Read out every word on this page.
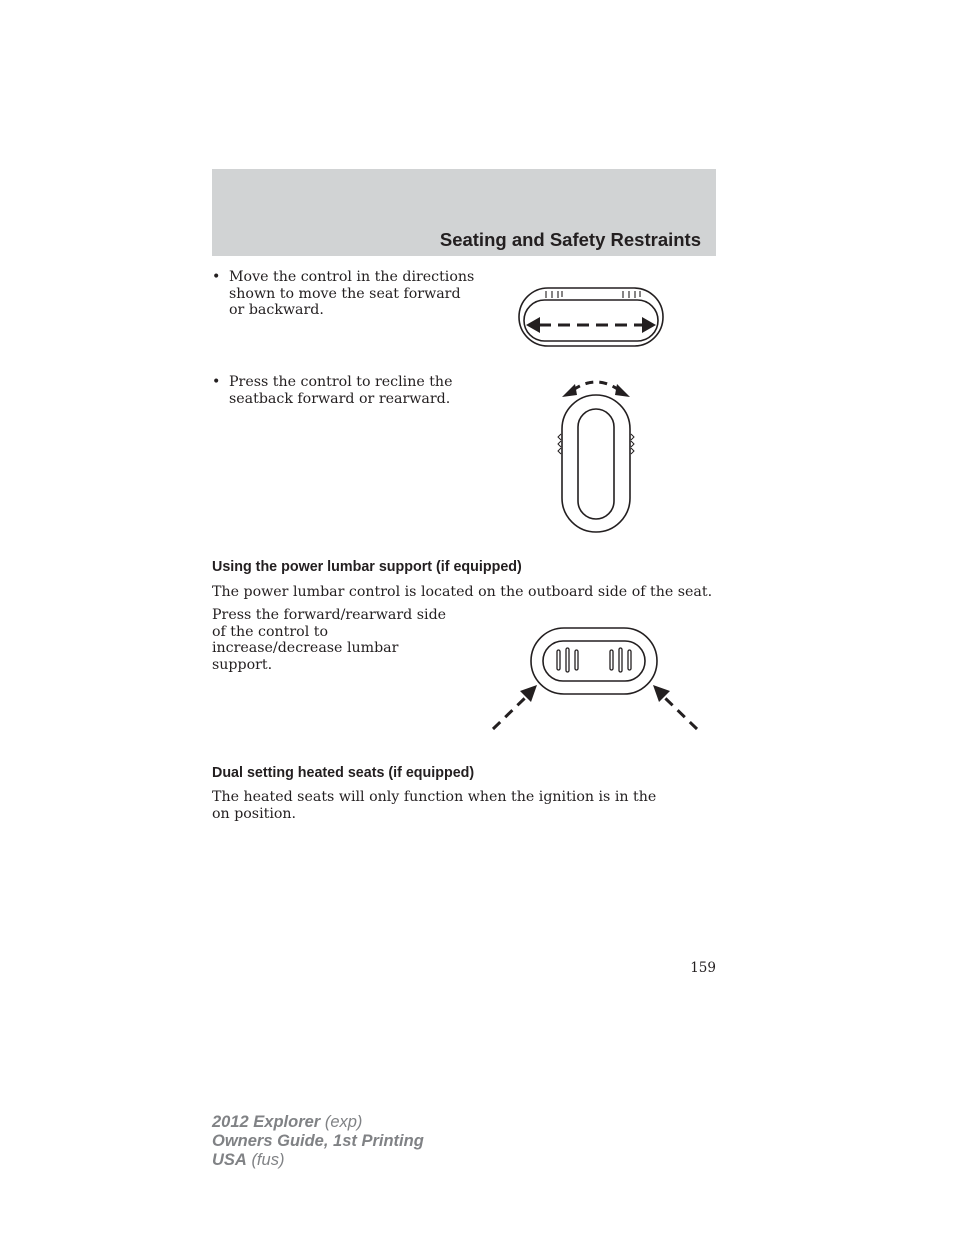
Seating and Safety Restraints
• Move the control in the directions shown to move the seat forward or backward.
• Press the control to recline the seatback forward or rearward.
Using the power lumbar support (if equipped)
The power lumbar control is located on the outboard side of the seat.
Press the forward/rearward side of the control to increase/decrease lumbar support.
Dual setting heated seats (if equipped)
The heated seats will only function when the ignition is in the on position.
159
2012 Explorer (exp)
Owners Guide, 1st Printing
USA (fus)
